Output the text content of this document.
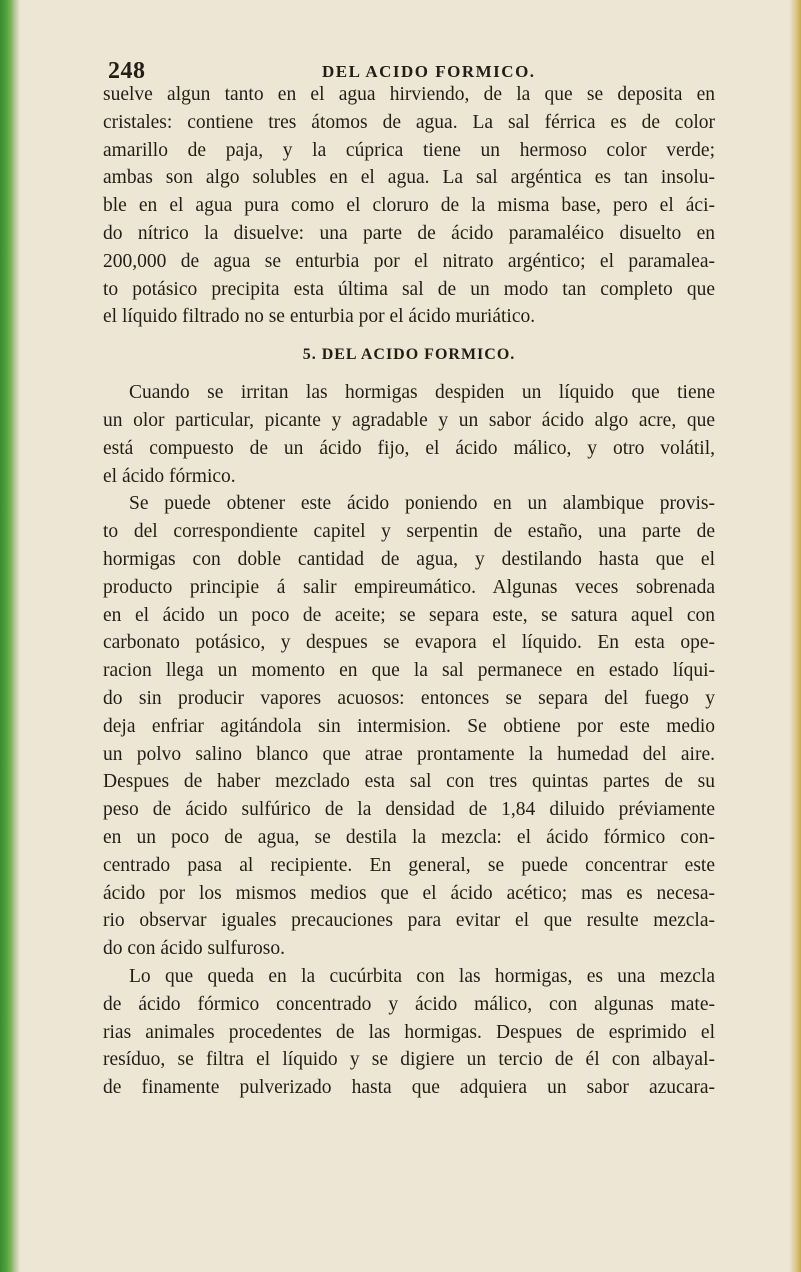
248	DEL ACIDO FORMICO.
suelve algun tanto en el agua hirviendo, de la que se deposita en
cristales: contiene tres átomos de agua. La sal férrica es de color
amarillo de paja, y la cúprica tiene un hermoso color verde;
ambas son algo solubles en el agua. La sal argéntica es tan insolu-
ble en el agua pura como el cloruro de la misma base, pero el áci-
do nítrico la disuelve: una parte de ácido paramaléico disuelto en
200,000 de agua se enturbia por el nitrato argéntico; el paramalea-
to potásico precipita esta última sal de un modo tan completo que
el líquido filtrado no se enturbia por el ácido muriático.
5. DEL ACIDO FORMICO.
Cuando se irritan las hormigas despiden un líquido que tiene
un olor particular, picante y agradable y un sabor ácido algo acre, que
está compuesto de un ácido fijo, el ácido málico, y otro volátil,
el ácido fórmico.
Se puede obtener este ácido poniendo en un alambique provis-
to del correspondiente capitel y serpentin de estaño, una parte de
hormigas con doble cantidad de agua, y destilando hasta que el
producto principie á salir empireumático. Algunas veces sobrenada
en el ácido un poco de aceite; se separa este, se satura aquel con
carbonato potásico, y despues se evapora el líquido. En esta ope-
racion llega un momento en que la sal permanece en estado líqui-
do sin producir vapores acuosos: entonces se separa del fuego y
deja enfriar agitándola sin intermision. Se obtiene por este medio
un polvo salino blanco que atrae prontamente la humedad del aire.
Despues de haber mezclado esta sal con tres quintas partes de su
peso de ácido sulfúrico de la densidad de 1,84 diluido préviamente
en un poco de agua, se destila la mezcla: el ácido fórmico con-
centrado pasa al recipiente. En general, se puede concentrar este
ácido por los mismos medios que el ácido acético; mas es necesa-
rio observar iguales precauciones para evitar el que resulte mezcla-
do con ácido sulfuroso.
Lo que queda en la cucúrbita con las hormigas, es una mezcla
de ácido fórmico concentrado y ácido málico, con algunas mate-
rias animales procedentes de las hormigas. Despues de esprimido el
resíduo, se filtra el líquido y se digiere un tercio de él con albayal-
de finamente pulverizado hasta que adquiera un sabor azucara-
